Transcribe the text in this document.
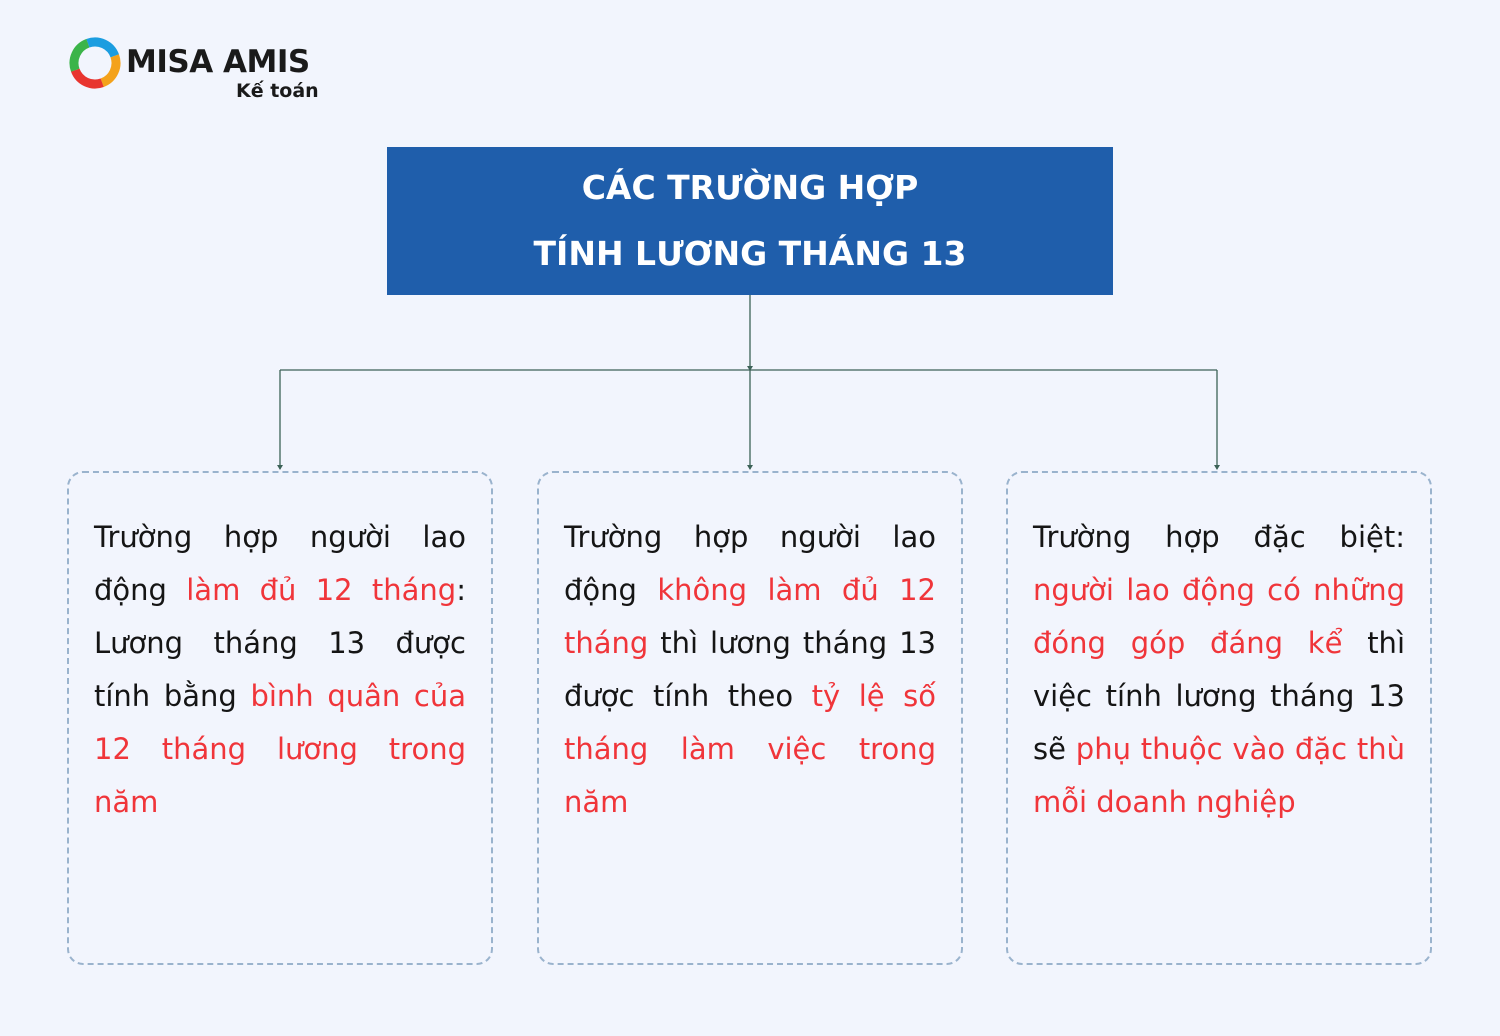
MISA AMIS
Kế toán
CÁC TRƯỜNG HỢP
TÍNH LƯƠNG THÁNG 13
Trường hợp người lao động làm đủ 12 tháng: Lương tháng 13 được tính bằng bình quân của 12 tháng lương trong năm
Trường hợp người lao động không làm đủ 12 tháng thì lương tháng 13 được tính theo tỷ lệ số tháng làm việc trong năm
Trường hợp đặc biệt: người lao động có những đóng góp đáng kể thì việc tính lương tháng 13 sẽ phụ thuộc vào đặc thù mỗi doanh nghiệp
